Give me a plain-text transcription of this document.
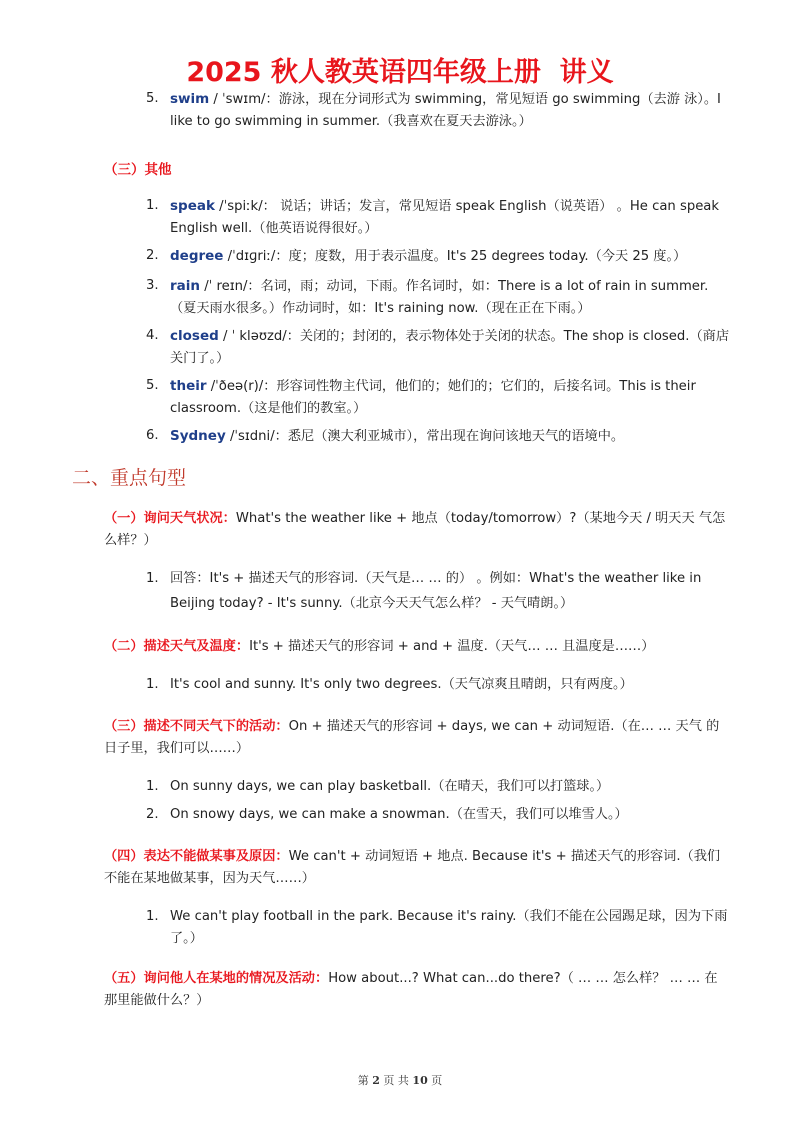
2025 秋人教英语四年级上册 讲义
5. swim / ˈswɪm/：游泳，现在分词形式为 swimming，常见短语 go swimming（去游 泳）。I like to go swimming in summer.（我喜欢在夏天去游泳。）
（三）其他
1. speak /ˈspiːk/： 说话；讲话；发言，常见短语 speak English（说英语） 。He can speak English well.（他英语说得很好。）
2. degree /ˈdɪɡriː/：度；度数，用于表示温度。It's 25 degrees today.（今天 25 度。）
3. rain /ˈ reɪn/：名词，雨；动词，下雨。作名词时，如：There is a lot of rain in summer.（夏天雨水很多。）作动词时，如：It's raining now.（现在正在下雨。）
4. closed / ˈ kləʊzd/：关闭的；封闭的，表示物体处于关闭的状态。The shop is closed.（商店关门了。）
5. their /ˈðeə(r)/：形容词性物主代词，他们的；她们的；它们的，后接名词。This is their classroom.（这是他们的教室。）
6. Sydney /ˈsɪdni/：悉尼（澳大利亚城市），常出现在询问该地天气的语境中。
二、重点句型
（一）询问天气状况：What's the weather like + 地点（today/tomorrow）?（某地今天 / 明天天 气怎么样？）
1. 回答：It's + 描述天气的形容词.（天气是… … 的） 。例如：What's the weather like in Beijing today? - It's sunny.（北京今天天气怎么样？ - 天气晴朗。）
（二）描述天气及温度：It's + 描述天气的形容词 + and + 温度.（天气… … 且温度是……）
1. It's cool and sunny. It's only two degrees.（天气凉爽且晴朗，只有两度。）
（三）描述不同天气下的活动：On + 描述天气的形容词 + days, we can + 动词短语.（在… … 天气 的日子里，我们可以……）
1. On sunny days, we can play basketball.（在晴天，我们可以打篮球。）
2. On snowy days, we can make a snowman.（在雪天，我们可以堆雪人。）
（四）表达不能做某事及原因：We can't + 动词短语 + 地点. Because it's + 描述天气的形容词.（我们不能在某地做某事，因为天气……）
1. We can't play football in the park. Because it's rainy.（我们不能在公园踢足球，因为下雨了。）
（五）询问他人在某地的情况及活动：How about...? What can...do there?（ … … 怎么样？ … … 在 那里能做什么？）
第 2 页 共 10 页
